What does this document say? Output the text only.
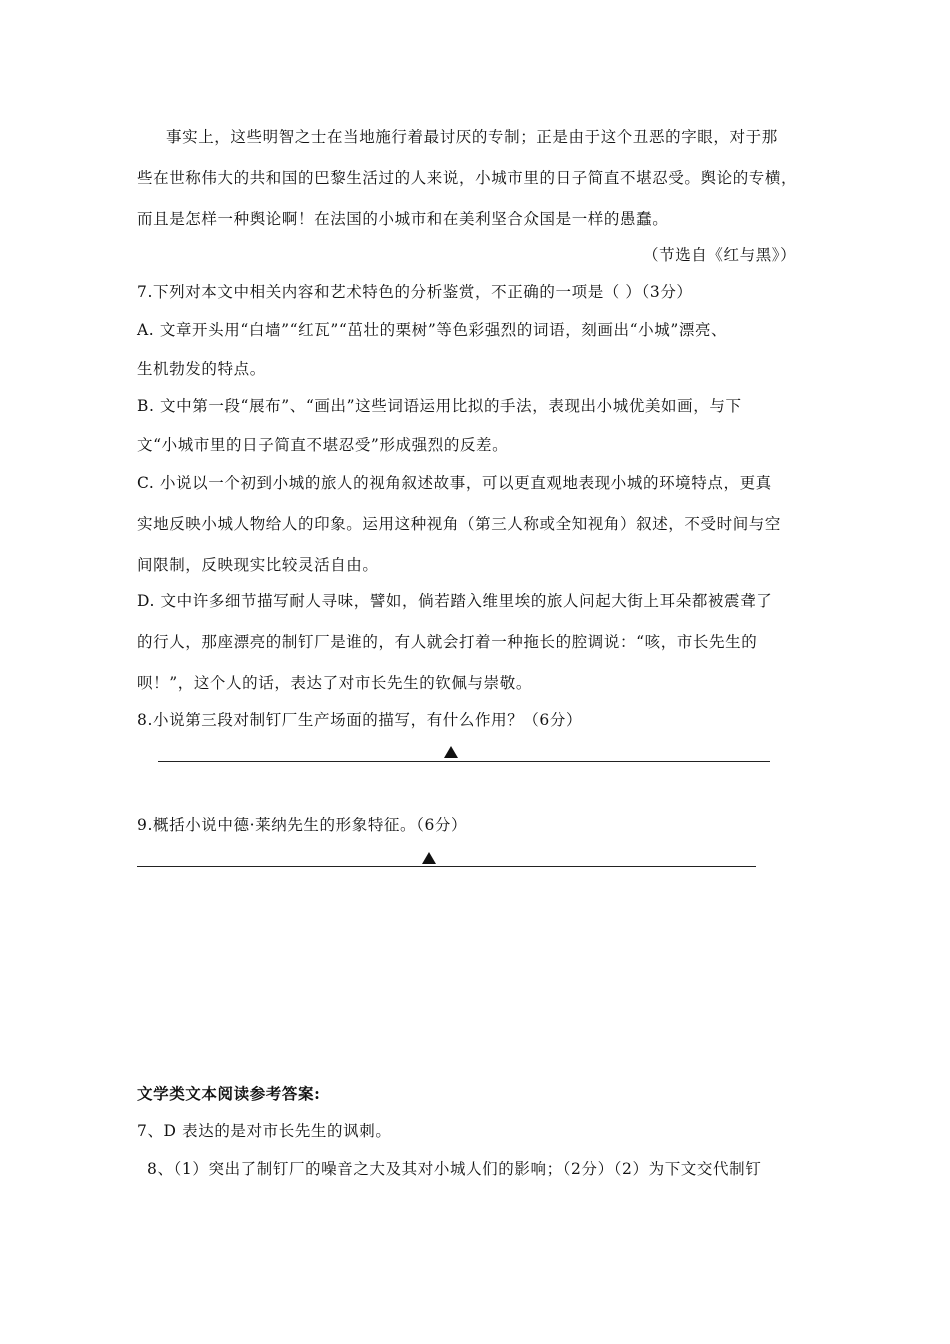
事实上，这些明智之士在当地施行着最讨厌的专制；正是由于这个丑恶的字眼，对于那
些在世称伟大的共和国的巴黎生活过的人来说，小城市里的日子简直不堪忍受。舆论的专横，
而且是怎样一种舆论啊！在法国的小城市和在美利坚合众国是一样的愚蠢。
（节选自《红与黑》）
7.下列对本文中相关内容和艺术特色的分析鉴赏，不正确的一项是（ ）（3分）
A. 文章开头用“白墙”“红瓦”“茁壮的栗树”等色彩强烈的词语，刻画出“小城”漂亮、
生机勃发的特点。
B. 文中第一段“展布”、“画出”这些词语运用比拟的手法，表现出小城优美如画，与下
文“小城市里的日子简直不堪忍受”形成强烈的反差。
C. 小说以一个初到小城的旅人的视角叙述故事，可以更直观地表现小城的环境特点，更真
实地反映小城人物给人的印象。运用这种视角（第三人称或全知视角）叙述，不受时间与空
间限制，反映现实比较灵活自由。
D. 文中许多细节描写耐人寻味，譬如，倘若踏入维里埃的旅人问起大街上耳朵都被震聋了
的行人，那座漂亮的制钉厂是谁的，有人就会打着一种拖长的腔调说：“咳，市长先生的
呗！”，这个人的话，表达了对市长先生的钦佩与崇敬。
8.小说第三段对制钉厂生产场面的描写，有什么作用？（6分）
9.概括小说中德·莱纳先生的形象特征。（6分）
文学类文本阅读参考答案:
7、D 表达的是对市长先生的讽刺。
8、（1）突出了制钉厂的噪音之大及其对小城人们的影响；（2分）（2）为下文交代制钉
